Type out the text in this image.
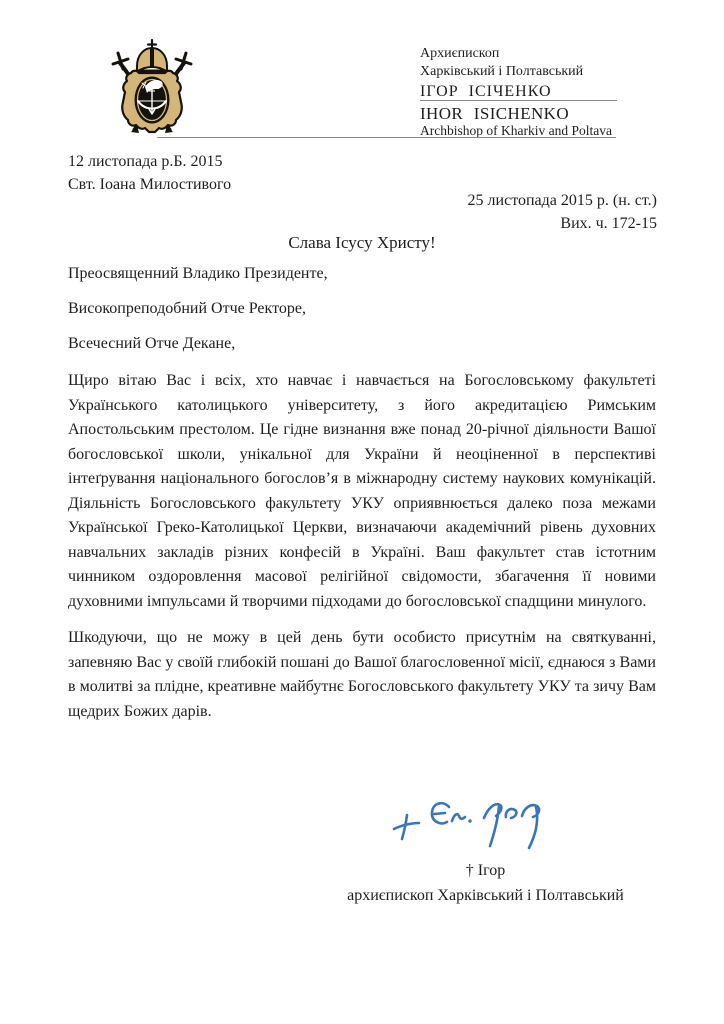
Архиєпископ
Харківський і Полтавський
ІГОР ІСІЧЕНКО
IHOR ISICHENKO
Archbishop of Kharkiv and Poltava
12 листопада р.Б. 2015
Свт. Іоана Милостивого
25 листопада 2015 р. (н. ст.)
Вих. ч. 172-15
Слава Ісусу Христу!

Преосвященний Владико Президенте,

Високопреподобний Отче Ректоре,

Всечесний Отче Декане,

Щиро вітаю Вас і всіх, хто навчає і навчається на Богословському факультеті Українського католицького університету, з його акредитацією Римським Апостольським престолом. Це гідне визнання вже понад 20-річної діяльности Вашої богословської школи, унікальної для України й неоціненної в перспективі інтеґрування національного богослов’я в міжнародну систему наукових комунікацій. Діяльність Богословського факультету УКУ оприявнюється далеко поза межами Української Греко-Католицької Церкви, визначаючи академічний рівень духовних навчальних закладів різних конфесій в Україні. Ваш факультет став істотним чинником оздоровлення масової релігійної свідомости, збагачення її новими духовними імпульсами й творчими підходами до богословської спадщини минулого.

Шкодуючи, що не можу в цей день бути особисто присутнім на святкуванні, запевняю Вас у своїй глибокій пошані до Вашої благословенної місії, єднаюся з Вами в молитві за плідне, креативне майбутнє Богословського факультету УКУ та зичу Вам щедрих Божих дарів.

† Ігор
архиєпископ Харківський і Полтавський
